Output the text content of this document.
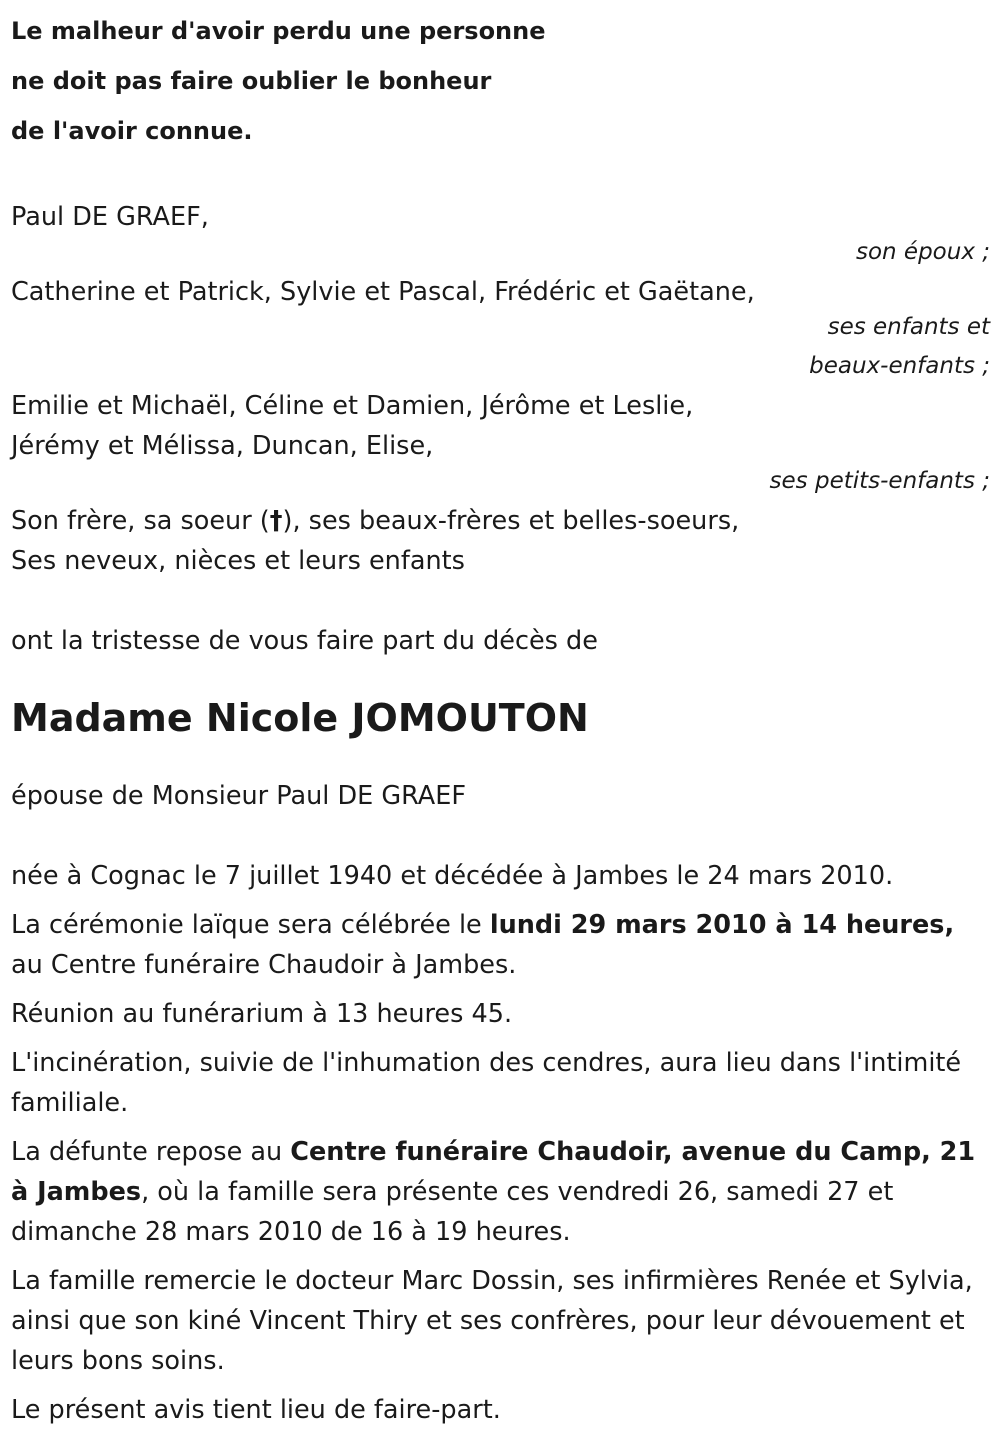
Le malheur d'avoir perdu une personne
ne doit pas faire oublier le bonheur
de l'avoir connue.
Paul DE GRAEF,
son époux ;
Catherine et Patrick, Sylvie et Pascal, Frédéric et Gaëtane,
ses enfants et
beaux-enfants ;
Emilie et Michaël, Céline et Damien, Jérôme et Leslie,
Jérémy et Mélissa, Duncan, Elise,
ses petits-enfants ;
Son frère, sa soeur (†), ses beaux-frères et belles-soeurs,
Ses neveux, nièces et leurs enfants
ont la tristesse de vous faire part du décès de
Madame Nicole JOMOUTON
épouse de Monsieur Paul DE GRAEF

née à Cognac le 7 juillet 1940 et décédée à Jambes le 24 mars 2010.

La cérémonie laïque sera célébrée le lundi 29 mars 2010 à 14 heures, au Centre funéraire Chaudoir à Jambes.

Réunion au funérarium à 13 heures 45.

L'incinération, suivie de l'inhumation des cendres, aura lieu dans l'intimité familiale.

La défunte repose au Centre funéraire Chaudoir, avenue du Camp, 21 à Jambes, où la famille sera présente ces vendredi 26, samedi 27 et dimanche 28 mars 2010 de 16 à 19 heures.

La famille remercie le docteur Marc Dossin, ses infirmières Renée et Sylvia, ainsi que son kiné Vincent Thiry et ses confrères, pour leur dévouement et leurs bons soins.

Le présent avis tient lieu de faire-part.
